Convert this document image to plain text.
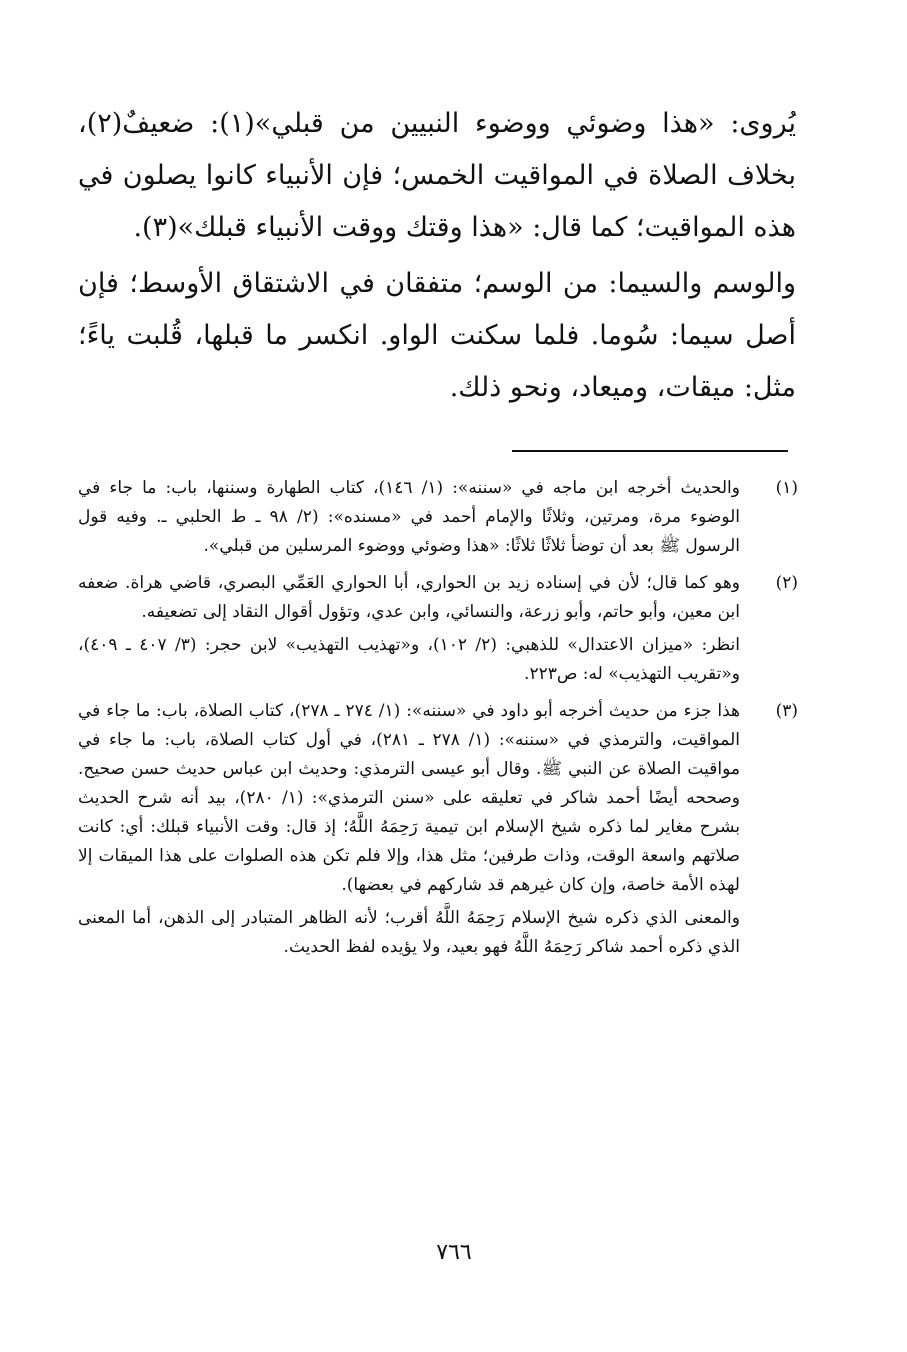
يُروى: «هذا وضوئي ووضوء النبيين من قبلي»(١): ضعيفٌ(٢)، بخلاف الصلاة في المواقيت الخمس؛ فإن الأنبياء كانوا يصلون في هذه المواقيت؛ كما قال: «هذا وقتك ووقت الأنبياء قبلك»(٣).

والوسم والسيما: من الوسم؛ متفقان في الاشتقاق الأوسط؛ فإن أصل سيما: سُوما. فلما سكنت الواو. انكسر ما قبلها، قُلبت ياءً؛ مثل: ميقات، وميعاد، ونحو ذلك.

(١)

والحديث أخرجه ابن ماجه في «سننه»: (١/ ١٤٦)، كتاب الطهارة وسننها، باب: ما جاء في الوضوء مرة، ومرتين، وثلاثًا والإمام أحمد في «مسنده»: (٢/ ٩٨ ـ ط الحلبي ـ. وفيه قول الرسول ﷺ بعد أن توضأ ثلاثًا ثلاثًا: «هذا وضوئي ووضوء المرسلين من قبلي».

(٢)

وهو كما قال؛ لأن في إسناده زيد بن الحواري، أبا الحواري العَمِّي البصري، قاضي هراة. ضعفه ابن معين، وأبو حاتم، وأبو زرعة، والنسائي، وابن عدي، وتؤول أقوال النقاد إلى تضعيفه.

انظر: «ميزان الاعتدال» للذهبي: (٢/ ١٠٢)، و«تهذيب التهذيب» لابن حجر: (٣/ ٤٠٧ ـ ٤٠٩)، و«تقريب التهذيب» له: ص٢٢٣.

(٣)

هذا جزء من حديث أخرجه أبو داود في «سننه»: (١/ ٢٧٤ ـ ٢٧٨)، كتاب الصلاة، باب: ما جاء في المواقيت، والترمذي في «سننه»: (١/ ٢٧٨ ـ ٢٨١)، في أول كتاب الصلاة، باب: ما جاء في مواقيت الصلاة عن النبي ﷺ. وقال أبو عيسى الترمذي: وحديث ابن عباس حديث حسن صحيح. وصححه أيضًا أحمد شاكر في تعليقه على «سنن الترمذي»: (١/ ٢٨٠)، بيد أنه شرح الحديث بشرح مغاير لما ذكره شيخ الإسلام ابن تيمية رَحِمَهُ اللَّهُ؛ إذ قال: وقت الأنبياء قبلك: أي: كانت صلاتهم واسعة الوقت، وذات طرفين؛ مثل هذا، وإلا فلم تكن هذه الصلوات على هذا الميقات إلا لهذه الأمة خاصة، وإن كان غيرهم قد شاركهم في بعضها).

والمعنى الذي ذكره شيخ الإسلام رَحِمَهُ اللَّهُ أقرب؛ لأنه الظاهر المتبادر إلى الذهن، أما المعنى الذي ذكره أحمد شاكر رَحِمَهُ اللَّهُ فهو بعيد، ولا يؤيده لفظ الحديث.

٧٦٦
